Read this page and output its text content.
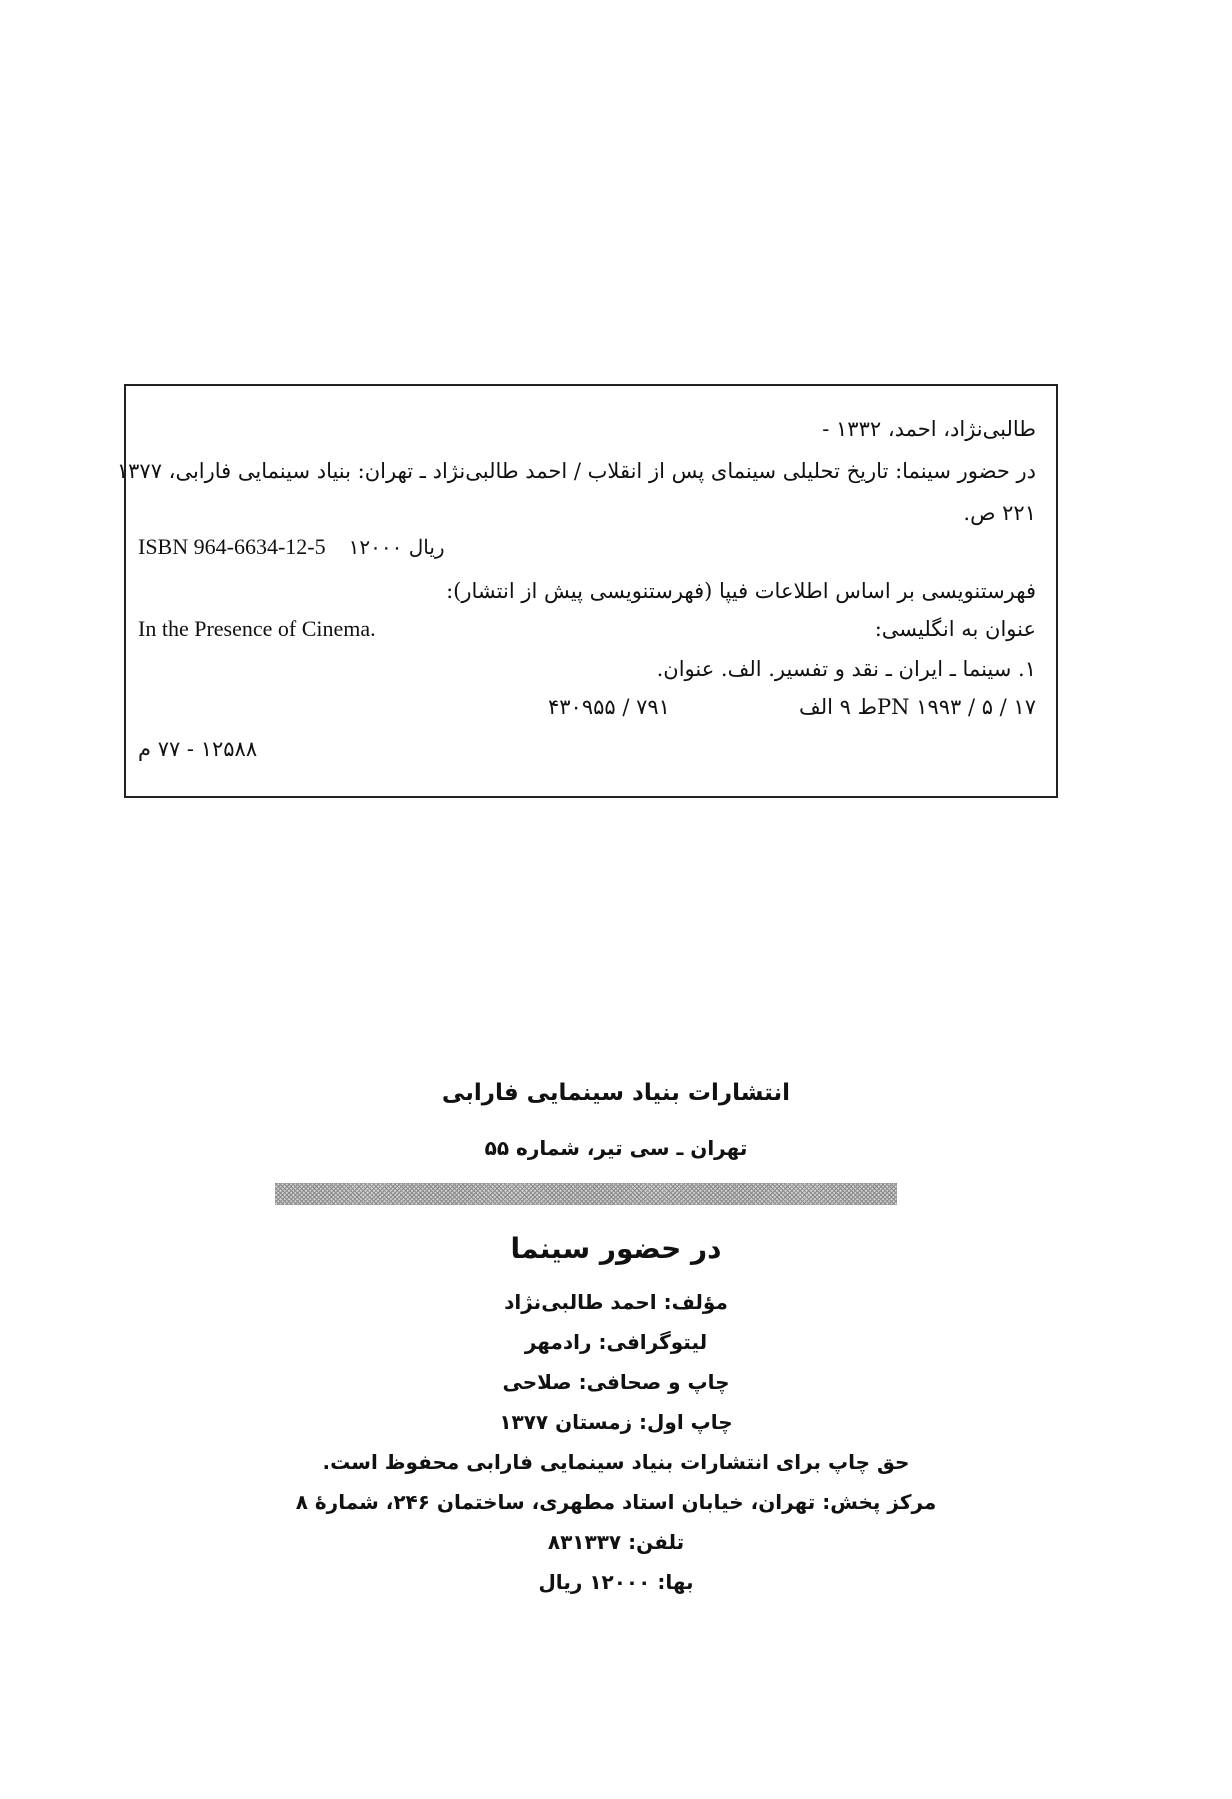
طالبی‌نژاد، احمد، ۱۳۳۲ -
در حضور سینما: تاریخ تحلیلی سینمای پس از انقلاب / احمد طالبی‌نژاد ـ تهران: بنیاد سینمایی فارابی، ۱۳۷۷
۲۲۱ ص.
ISBN 964-6634-12-5 ۱۲۰۰۰ ریال
فهرستنویسی بر اساس اطلاعات فیپا (فهرستنویسی پیش از انتشار):
In the Presence of Cinema.	عنوان به انگلیسی:
۱. سینما ـ ایران ـ نقد و تفسیر. الف. عنوان.
۷۹۱ / ۴۳۰۹۵۵	PN ۱۹۹۳ / ۵ / ۱۷ط ۹ الف
۱۲۵۸۸ - ۷۷ م
انتشارات بنیاد سینمایی فارابی
تهران ـ سی تیر، شماره ۵۵
در حضور سینما
مؤلف: احمد طالبی‌نژاد
لیتوگرافی: رادمهر
چاپ و صحافی: صلاحی
چاپ اول: زمستان ۱۳۷۷
حق چاپ برای انتشارات بنیاد سینمایی فارابی محفوظ است.
مرکز پخش: تهران، خیابان استاد مطهری، ساختمان ۲۴۶، شمارهٔ ۸
تلفن: ۸۳۱۳۳۷
بها: ۱۲۰۰۰ ریال
